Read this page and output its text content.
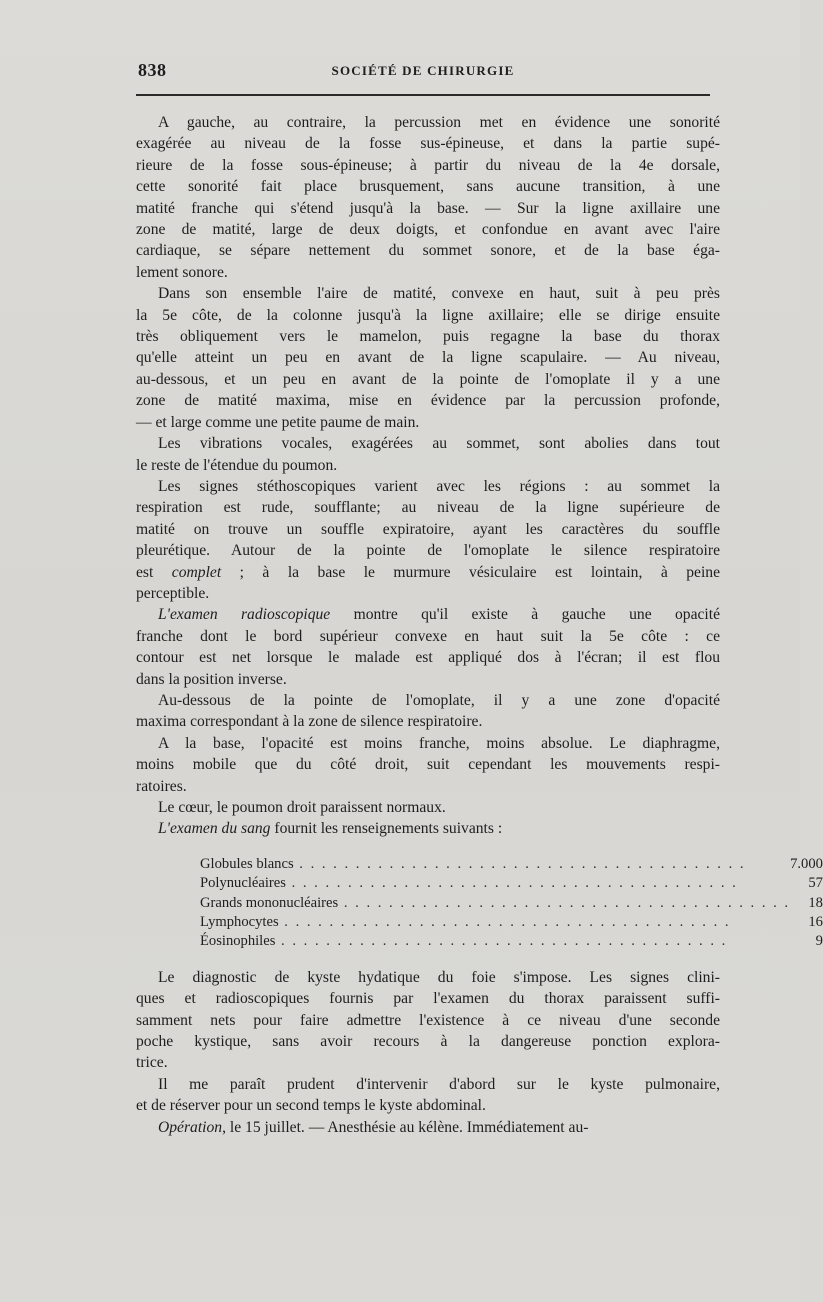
838	SOCIÉTÉ DE CHIRURGIE

A gauche, au contraire, la percussion met en évidence une sonorité
exagérée au niveau de la fosse sus-épineuse, et dans la partie supé-
rieure de la fosse sous-épineuse; à partir du niveau de la 4e dorsale,
cette sonorité fait place brusquement, sans aucune transition, à une
matité franche qui s'étend jusqu'à la base. — Sur la ligne axillaire une
zone de matité, large de deux doigts, et confondue en avant avec l'aire
cardiaque, se sépare nettement du sommet sonore, et de la base éga-
lement sonore.

Dans son ensemble l'aire de matité, convexe en haut, suit à peu près
la 5e côte, de la colonne jusqu'à la ligne axillaire; elle se dirige ensuite
très obliquement vers le mamelon, puis regagne la base du thorax
qu'elle atteint un peu en avant de la ligne scapulaire. — Au niveau,
au-dessous, et un peu en avant de la pointe de l'omoplate il y a une
zone de matité maxima, mise en évidence par la percussion profonde,
— et large comme une petite paume de main.

Les vibrations vocales, exagérées au sommet, sont abolies dans tout
le reste de l'étendue du poumon.

Les signes stéthoscopiques varient avec les régions : au sommet la
respiration est rude, soufflante; au niveau de la ligne supérieure de
matité on trouve un souffle expiratoire, ayant les caractères du souffle
pleurétique. Autour de la pointe de l'omoplate le silence respiratoire
est complet ; à la base le murmure vésiculaire est lointain, à peine
perceptible.

L'examen radioscopique montre qu'il existe à gauche une opacité
franche dont le bord supérieur convexe en haut suit la 5e côte : ce
contour est net lorsque le malade est appliqué dos à l'écran; il est flou
dans la position inverse.

Au-dessous de la pointe de l'omoplate, il y a une zone d'opacité
maxima correspondant à la zone de silence respiratoire.

A la base, l'opacité est moins franche, moins absolue. Le diaphragme,
moins mobile que du côté droit, suit cependant les mouvements respi-
ratoires.

Le cœur, le poumon droit paraissent normaux.

L'examen du sang fournit les renseignements suivants :

Globules blancs . . . . . . . . . . . . . . . . . . . . . . . . . . . . . . . . . . . . . . . .	7.000
Polynucléaires . . . . . . . . . . . . . . . . . . . . . . . . . . . . . . . . . . . . . . . .	57
Grands mononucléaires . . . . . . . . . . . . . . . . . . . . . . . . . . . . . . . . . . . . . . . .	18
Lymphocytes . . . . . . . . . . . . . . . . . . . . . . . . . . . . . . . . . . . . . . . .	16
Éosinophiles . . . . . . . . . . . . . . . . . . . . . . . . . . . . . . . . . . . . . . . .	9

Le diagnostic de kyste hydatique du foie s'impose. Les signes clini-
ques et radioscopiques fournis par l'examen du thorax paraissent suffi-
samment nets pour faire admettre l'existence à ce niveau d'une seconde
poche kystique, sans avoir recours à la dangereuse ponction explora-
trice.

Il me paraît prudent d'intervenir d'abord sur le kyste pulmonaire,
et de réserver pour un second temps le kyste abdominal.

Opération, le 15 juillet. — Anesthésie au kélène. Immédiatement au-
